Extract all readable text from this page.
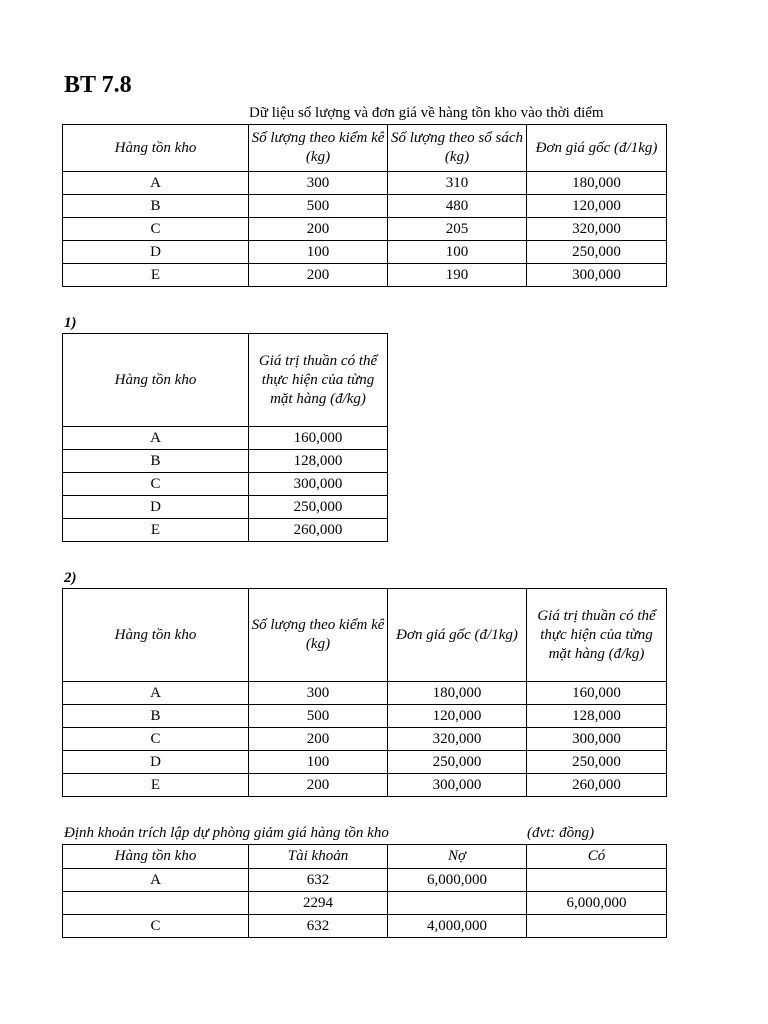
BT 7.8
Dữ liệu số lượng và đơn giá về hàng tồn kho vào thời điểm
Hàng tồn kho	Số lượng theo kiểm kê (kg)	Số lượng theo sổ sách (kg)	Đơn giá gốc (đ/1kg)
A	300	310	180,000
B	500	480	120,000
C	200	205	320,000
D	100	100	250,000
E	200	190	300,000
1)
Hàng tồn kho	Giá trị thuần có thể thực hiện của từng mặt hàng (đ/kg)
A	160,000
B	128,000
C	300,000
D	250,000
E	260,000
2)
Hàng tồn kho	Số lượng theo kiểm kê (kg)	Đơn giá gốc (đ/1kg)	Giá trị thuần có thể thực hiện của từng mặt hàng (đ/kg)
A	300	180,000	160,000
B	500	120,000	128,000
C	200	320,000	300,000
D	100	250,000	250,000
E	200	300,000	260,000
Định khoản trích lập dự phòng giảm giá hàng tồn kho	(đvt: đồng)
Hàng tồn kho	Tài khoản	Nợ	Có
A	632	6,000,000	
	2294		6,000,000
C	632	4,000,000	
